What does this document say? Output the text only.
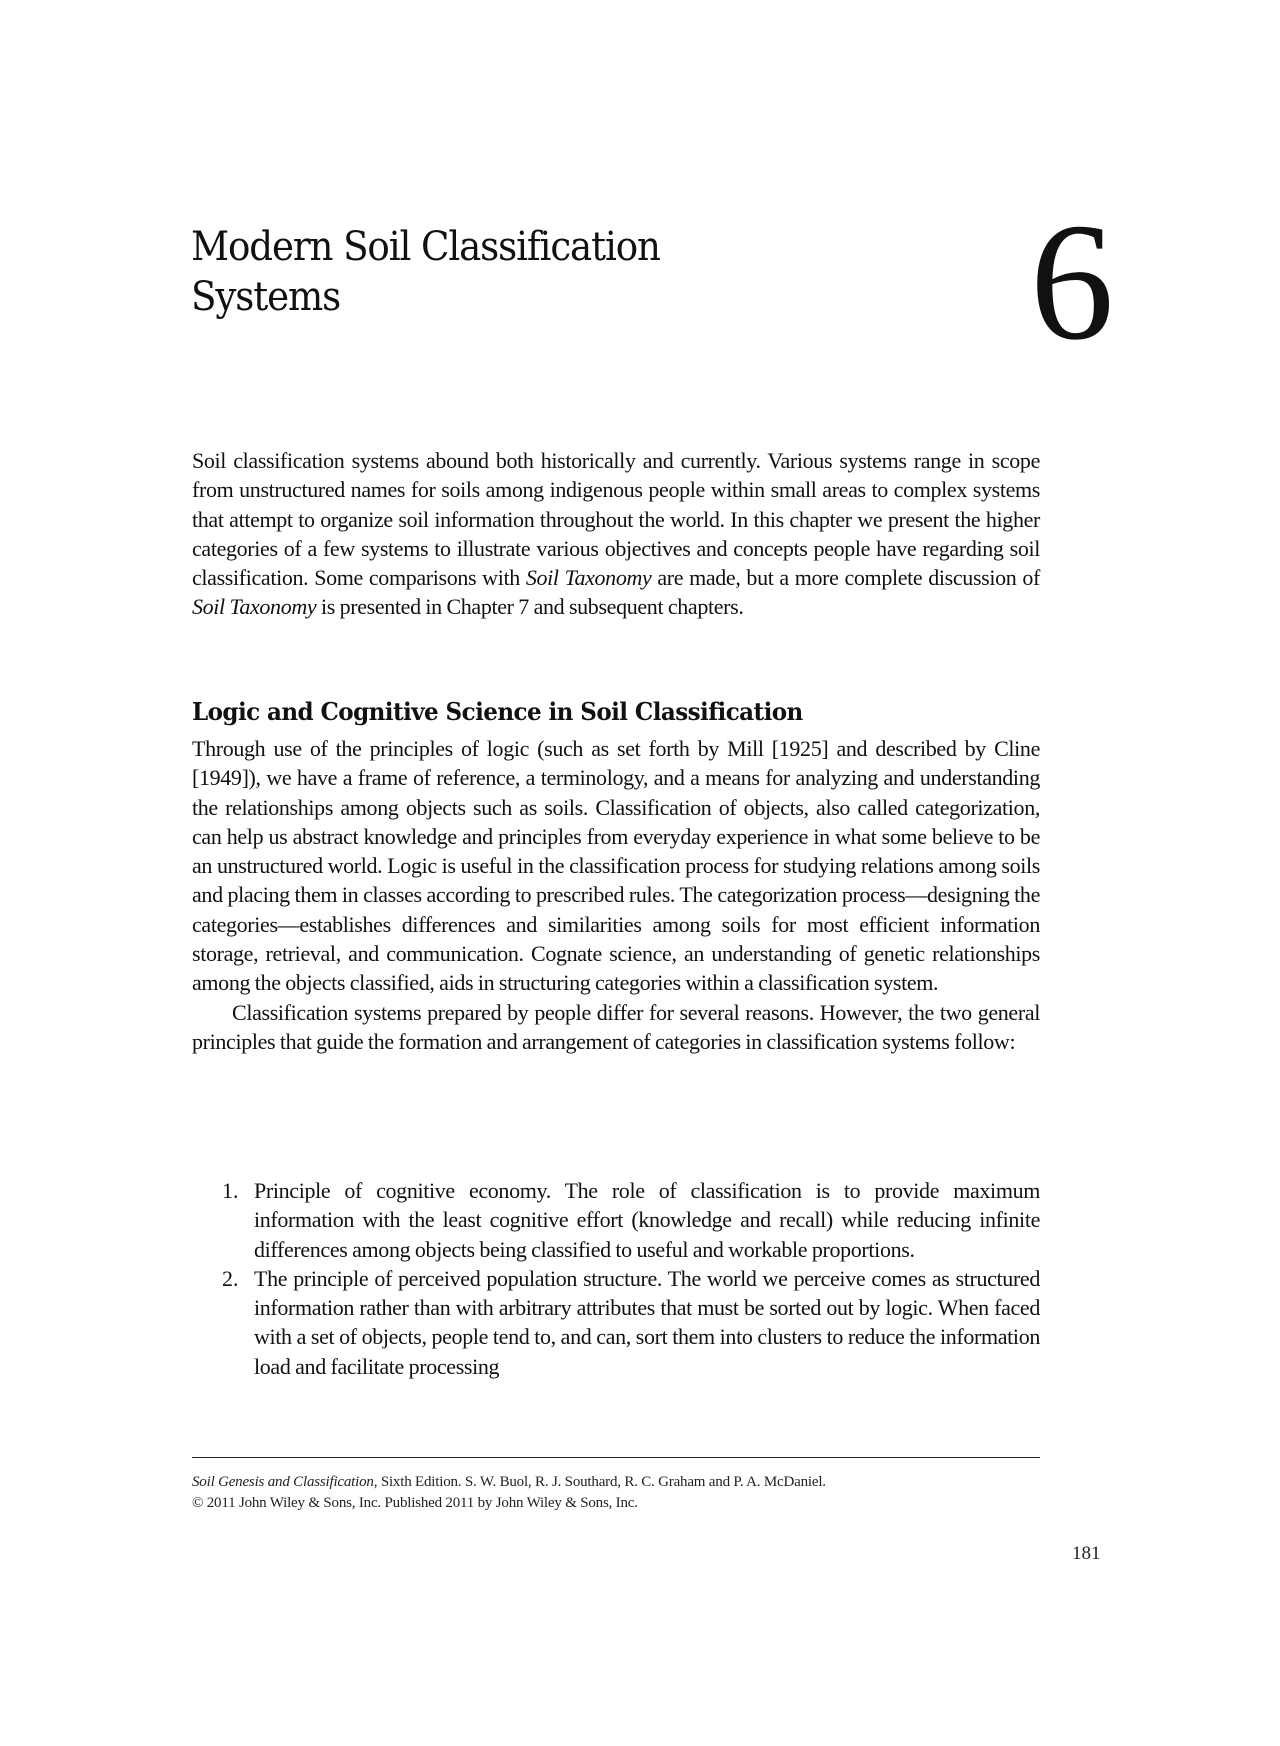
Modern Soil Classification
Systems	6

Soil classification systems abound both historically and currently. Various systems range in scope from unstructured names for soils among indigenous people within small areas to complex systems that attempt to organize soil information throughout the world. In this chapter we present the higher categories of a few systems to illustrate various objectives and concepts people have regarding soil classification. Some comparisons with Soil Taxonomy are made, but a more complete discussion of Soil Taxonomy is presented in Chapter 7 and subsequent chapters.

Logic and Cognitive Science in Soil Classification

Through use of the principles of logic (such as set forth by Mill [1925] and described by Cline [1949]), we have a frame of reference, a terminology, and a means for analyzing and understanding the relationships among objects such as soils. Classification of objects, also called categorization, can help us abstract knowledge and principles from everyday experience in what some believe to be an unstructured world. Logic is useful in the classification process for studying relations among soils and placing them in classes according to prescribed rules. The categorization process—designing the categories—establishes differences and similarities among soils for most efficient information storage, retrieval, and communication. Cognate science, an understanding of genetic relationships among the objects classified, aids in structuring categories within a classification system.

Classification systems prepared by people differ for several reasons. However, the two general principles that guide the formation and arrangement of categories in classification systems follow:

1. Principle of cognitive economy. The role of classification is to provide maximum information with the least cognitive effort (knowledge and recall) while reducing infinite differences among objects being classified to useful and workable proportions.

2. The principle of perceived population structure. The world we perceive comes as structured information rather than with arbitrary attributes that must be sorted out by logic. When faced with a set of objects, people tend to, and can, sort them into clusters to reduce the information load and facilitate processing

Soil Genesis and Classification, Sixth Edition. S. W. Buol, R. J. Southard, R. C. Graham and P. A. McDaniel.
© 2011 John Wiley & Sons, Inc. Published 2011 by John Wiley & Sons, Inc.
181
